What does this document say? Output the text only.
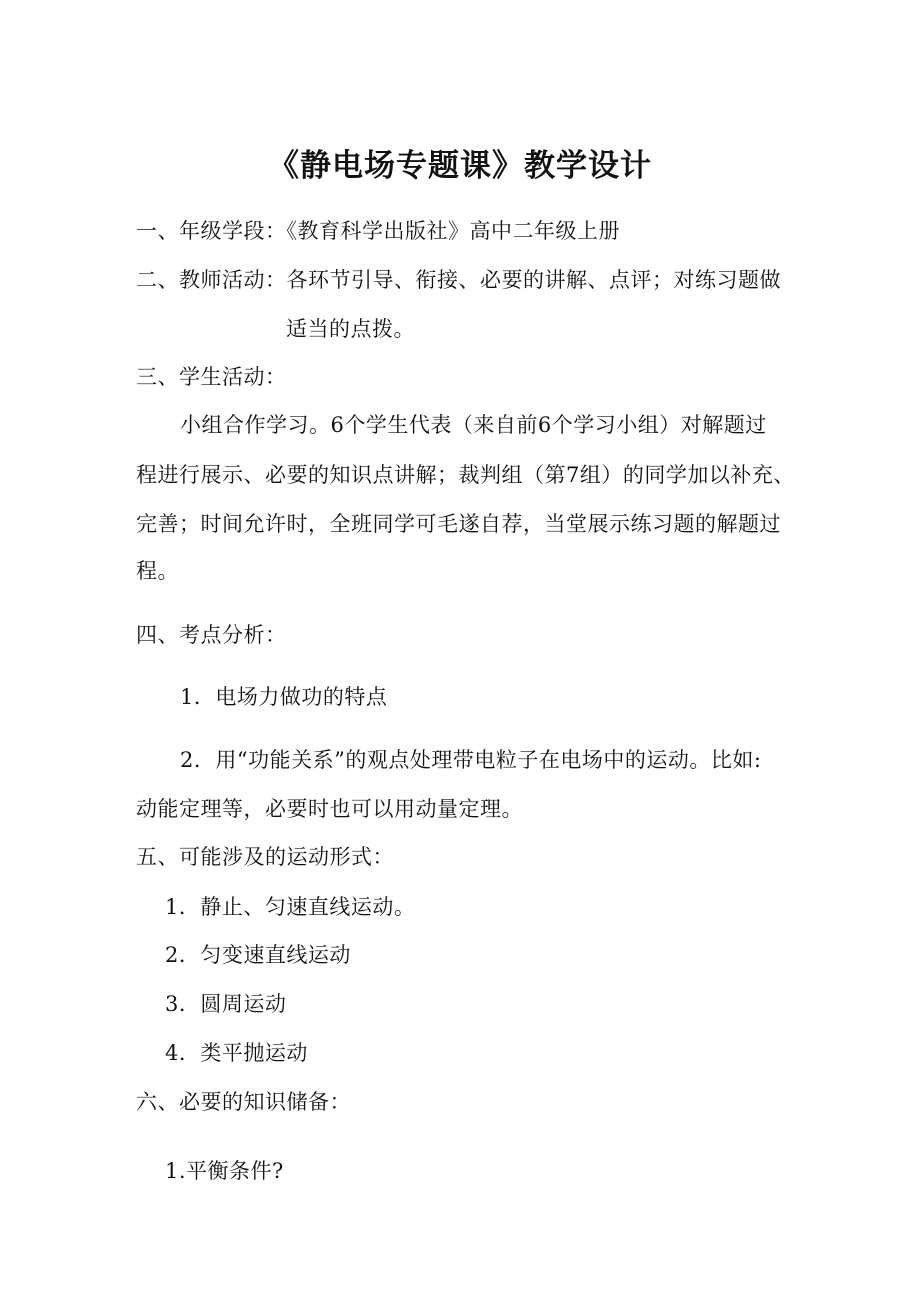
《静电场专题课》教学设计
一、年级学段：《教育科学出版社》高中二年级上册
二、教师活动：各环节引导、衔接、必要的讲解、点评；对练习题做
适当的点拨。
三、学生活动：
小组合作学习。6个学生代表（来自前6个学习小组）对解题过
程进行展示、必要的知识点讲解；裁判组（第7组）的同学加以补充、
完善；时间允许时，全班同学可毛遂自荐，当堂展示练习题的解题过
程。
四、考点分析：
1．电场力做功的特点
2．用“功能关系”的观点处理带电粒子在电场中的运动。比如:
动能定理等，必要时也可以用动量定理。
五、可能涉及的运动形式：
1．静止、匀速直线运动。
2．匀变速直线运动
3．圆周运动
4．类平抛运动
六、必要的知识储备：
1.平衡条件?
